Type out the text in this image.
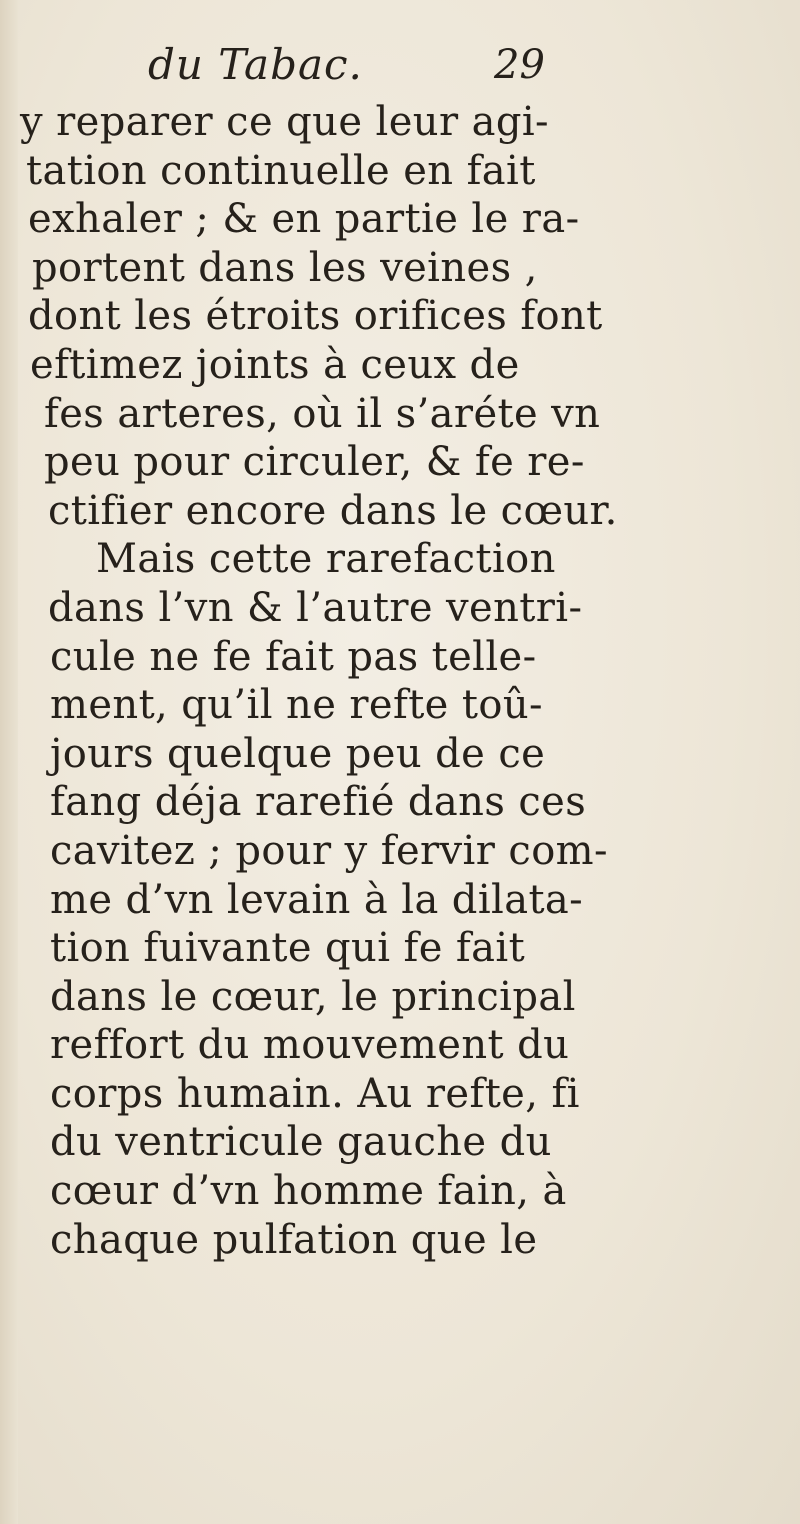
du Tabac.	29
y reparer ce que leur agi-
tation continuelle en fait
exhaler ; & en partie le ra-
portent dans les veines ,
dont les étroits orifices font
eftimez joints à ceux de
fes arteres, où il s’aréte vn
peu pour circuler, & fe re-
ctifier encore dans le cœur.
Mais cette rarefaction
dans l’vn & l’autre ventri-
cule ne fe fait pas telle-
ment, qu’il ne refte toû-
jours quelque peu de ce
fang déja rarefié dans ces
cavitez ; pour y fervir com-
me d’vn levain à la dilata-
tion fuivante qui fe fait
dans le cœur, le principal
reffort du mouvement du
corps humain. Au refte, fi
du ventricule gauche du
cœur d’vn homme fain, à
chaque pulfation que le
